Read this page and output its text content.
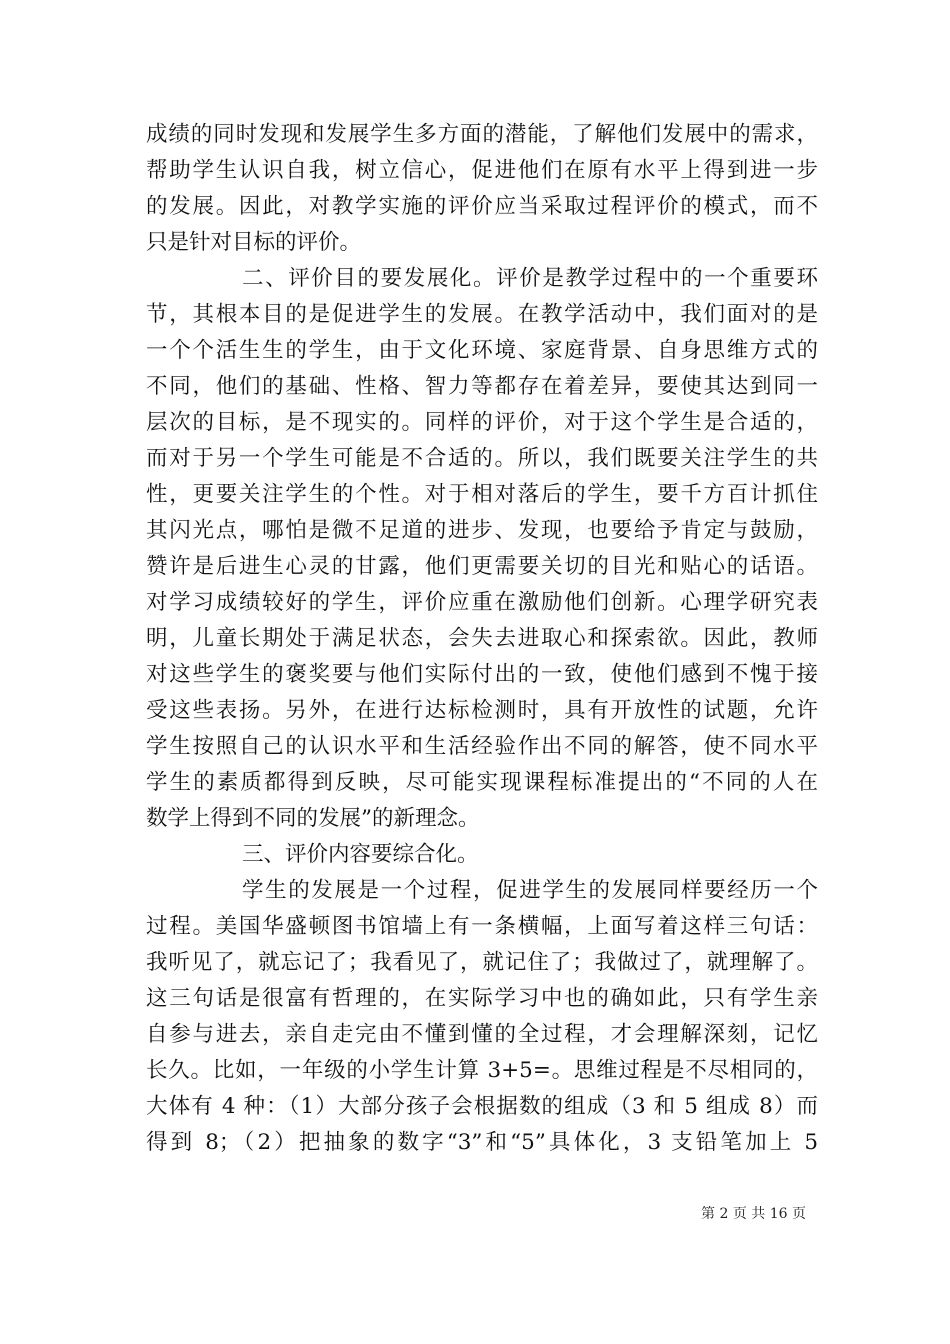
成绩的同时发现和发展学生多方面的潜能，了解他们发展中的需求，
帮助学生认识自我，树立信心，促进他们在原有水平上得到进一步
的发展。因此，对教学实施的评价应当采取过程评价的模式，而不
只是针对目标的评价。
二、评价目的要发展化。评价是教学过程中的一个重要环
节，其根本目的是促进学生的发展。在教学活动中，我们面对的是
一个个活生生的学生，由于文化环境、家庭背景、自身思维方式的
不同，他们的基础、性格、智力等都存在着差异，要使其达到同一
层次的目标，是不现实的。同样的评价，对于这个学生是合适的，
而对于另一个学生可能是不合适的。所以，我们既要关注学生的共
性，更要关注学生的个性。对于相对落后的学生，要千方百计抓住
其闪光点，哪怕是微不足道的进步、发现，也要给予肯定与鼓励，
赞许是后进生心灵的甘露，他们更需要关切的目光和贴心的话语。
对学习成绩较好的学生，评价应重在激励他们创新。心理学研究表
明，儿童长期处于满足状态，会失去进取心和探索欲。因此，教师
对这些学生的褒奖要与他们实际付出的一致，使他们感到不愧于接
受这些表扬。另外，在进行达标检测时，具有开放性的试题，允许
学生按照自己的认识水平和生活经验作出不同的解答，使不同水平
学生的素质都得到反映，尽可能实现课程标准提出的“不同的人在
数学上得到不同的发展”的新理念。
三、评价内容要综合化。
学生的发展是一个过程，促进学生的发展同样要经历一个
过程。美国华盛顿图书馆墙上有一条横幅，上面写着这样三句话：
我听见了，就忘记了；我看见了，就记住了；我做过了，就理解了。
这三句话是很富有哲理的，在实际学习中也的确如此，只有学生亲
自参与进去，亲自走完由不懂到懂的全过程，才会理解深刻，记忆
长久。比如，一年级的小学生计算 3+5=。思维过程是不尽相同的，
大体有 4 种：（1）大部分孩子会根据数的组成（3 和 5 组成 8）而
得到 8；（2）把抽象的数字“3”和“5”具体化，3 支铅笔加上 5
第 2 页 共 16 页
